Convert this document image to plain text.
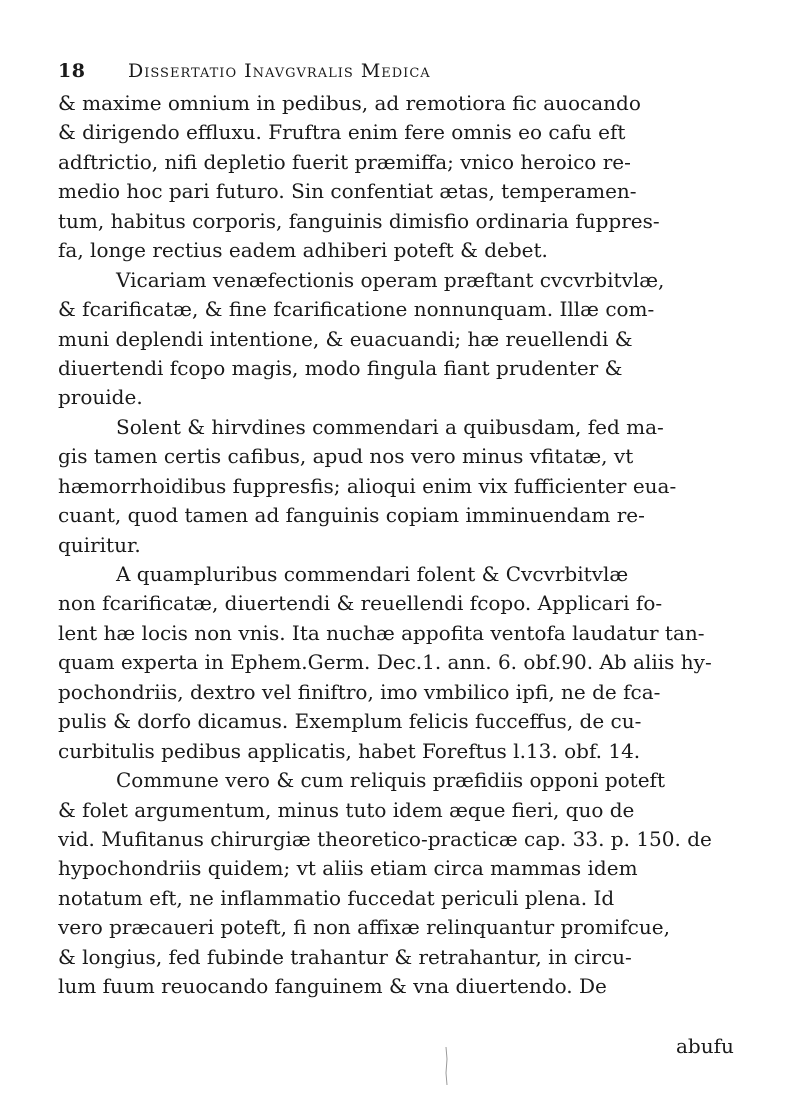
18 Dissertatio Inavgvralis Medica
& maxime omnium in pedibus, ad remotiora fic auocando
& dirigendo effluxu. Fruftra enim fere omnis eo cafu eft
adftrictio, nifi depletio fuerit præmiffa; vnico heroico re-
medio hoc pari futuro. Sin confentiat ætas, temperamen-
tum, habitus corporis, fanguinis dimisfio ordinaria fuppres-
fa, longe rectius eadem adhiberi poteft & debet.
Vicariam venæfectionis operam præftant cvcvrbitvlæ,
& fcarificatæ, & fine fcarificatione nonnunquam. Illæ com-
muni deplendi intentione, & euacuandi; hæ reuellendi &
diuertendi fcopo magis, modo fingula fiant prudenter &
prouide.
Solent & hirvdines commendari a quibusdam, fed ma-
gis tamen certis cafibus, apud nos vero minus vfitatæ, vt
hæmorrhoidibus fuppresfis; alioqui enim vix fufficienter eua-
cuant, quod tamen ad fanguinis copiam imminuendam re-
quiritur.
A quampluribus commendari folent & Cvcvrbitvlæ
non fcarificatæ, diuertendi & reuellendi fcopo. Applicari fo-
lent hæ locis non vnis. Ita nuchæ appofita ventofa laudatur tan-
quam experta in Ephem.Germ. Dec.1. ann. 6. obf.90. Ab aliis hy-
pochondriis, dextro vel finiftro, imo vmbilico ipfi, ne de fca-
pulis & dorfo dicamus. Exemplum felicis fucceffus, de cu-
curbitulis pedibus applicatis, habet Foreftus l.13. obf. 14.
Commune vero & cum reliquis præfidiis opponi poteft
& folet argumentum, minus tuto idem æque fieri, quo de
vid. Mufitanus chirurgiæ theoretico-practicæ cap. 33. p. 150. de
hypochondriis quidem; vt aliis etiam circa mammas idem
notatum eft, ne inflammatio fuccedat periculi plena. Id
vero præcaueri poteft, fi non affixæ relinquantur promifcue,
& longius, fed fubinde trahantur & retrahantur, in circu-
lum fuum reuocando fanguinem & vna diuertendo. De
abufu
